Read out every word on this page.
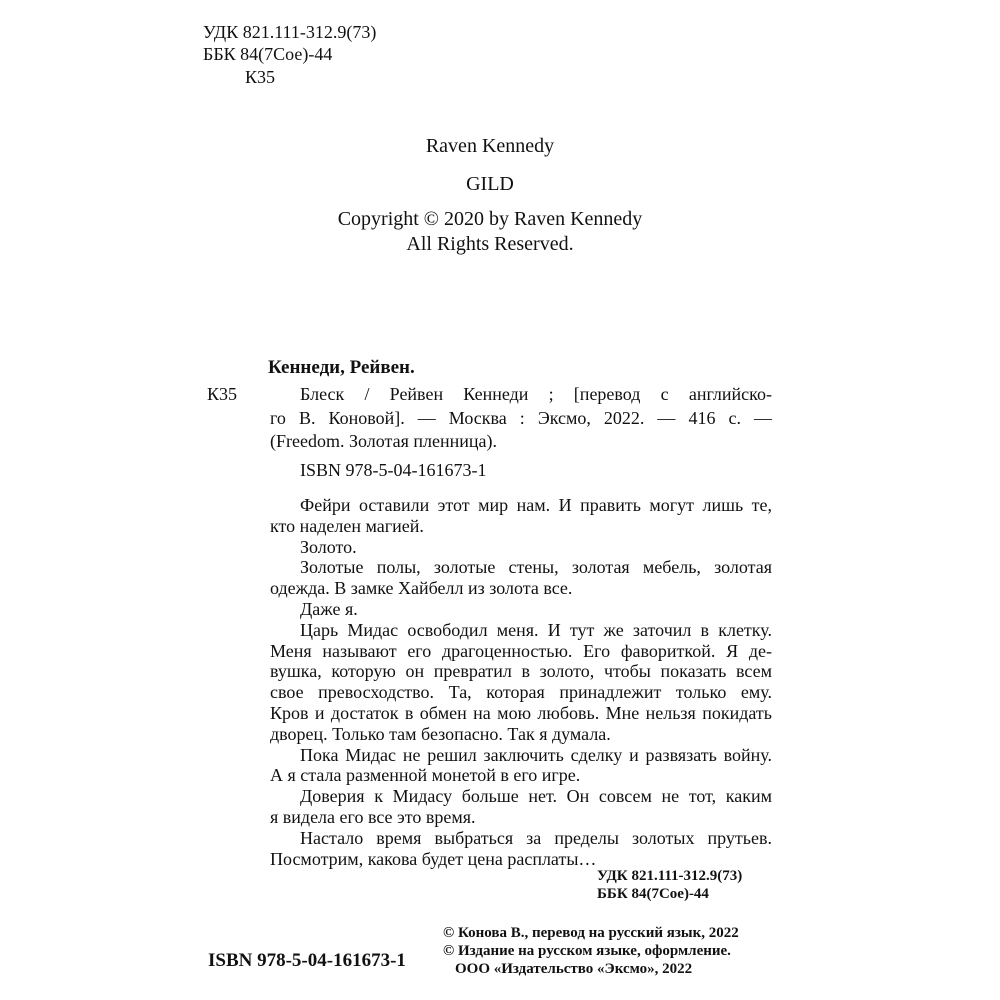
УДК 821.111-312.9(73)
ББК 84(7Сое)-44
К35
Raven Kennedy
GILD
Copyright © 2020 by Raven Kennedy
All Rights Reserved.
Кеннеди, Рейвен.
К35	Блеск / Рейвен Кеннеди ; [перевод с английско-
го В. Коновой]. — Москва : Эксмо, 2022. — 416 с. —
(Freedom. Золотая пленница).
ISBN 978-5-04-161673-1
Фейри оставили этот мир нам. И править могут лишь те,
кто наделен магией.
Золото.
Золотые полы, золотые стены, золотая мебель, золотая
одежда. В замке Хайбелл из золота все.
Даже я.
Царь Мидас освободил меня. И тут же заточил в клетку.
Меня называют его драгоценностью. Его фавориткой. Я де-
вушка, которую он превратил в золото, чтобы показать всем
свое превосходство. Та, которая принадлежит только ему.
Кров и достаток в обмен на мою любовь. Мне нельзя покидать
дворец. Только там безопасно. Так я думала.
Пока Мидас не решил заключить сделку и развязать войну.
А я стала разменной монетой в его игре.
Доверия к Мидасу больше нет. Он совсем не тот, каким
я видела его все это время.
Настало время выбраться за пределы золотых прутьев.
Посмотрим, какова будет цена расплаты…
УДК 821.111-312.9(73)
ББК 84(7Сое)-44
ISBN 978-5-04-161673-1
© Конова В., перевод на русский язык, 2022
© Издание на русском языке, оформление.
ООО «Издательство «Эксмо», 2022
